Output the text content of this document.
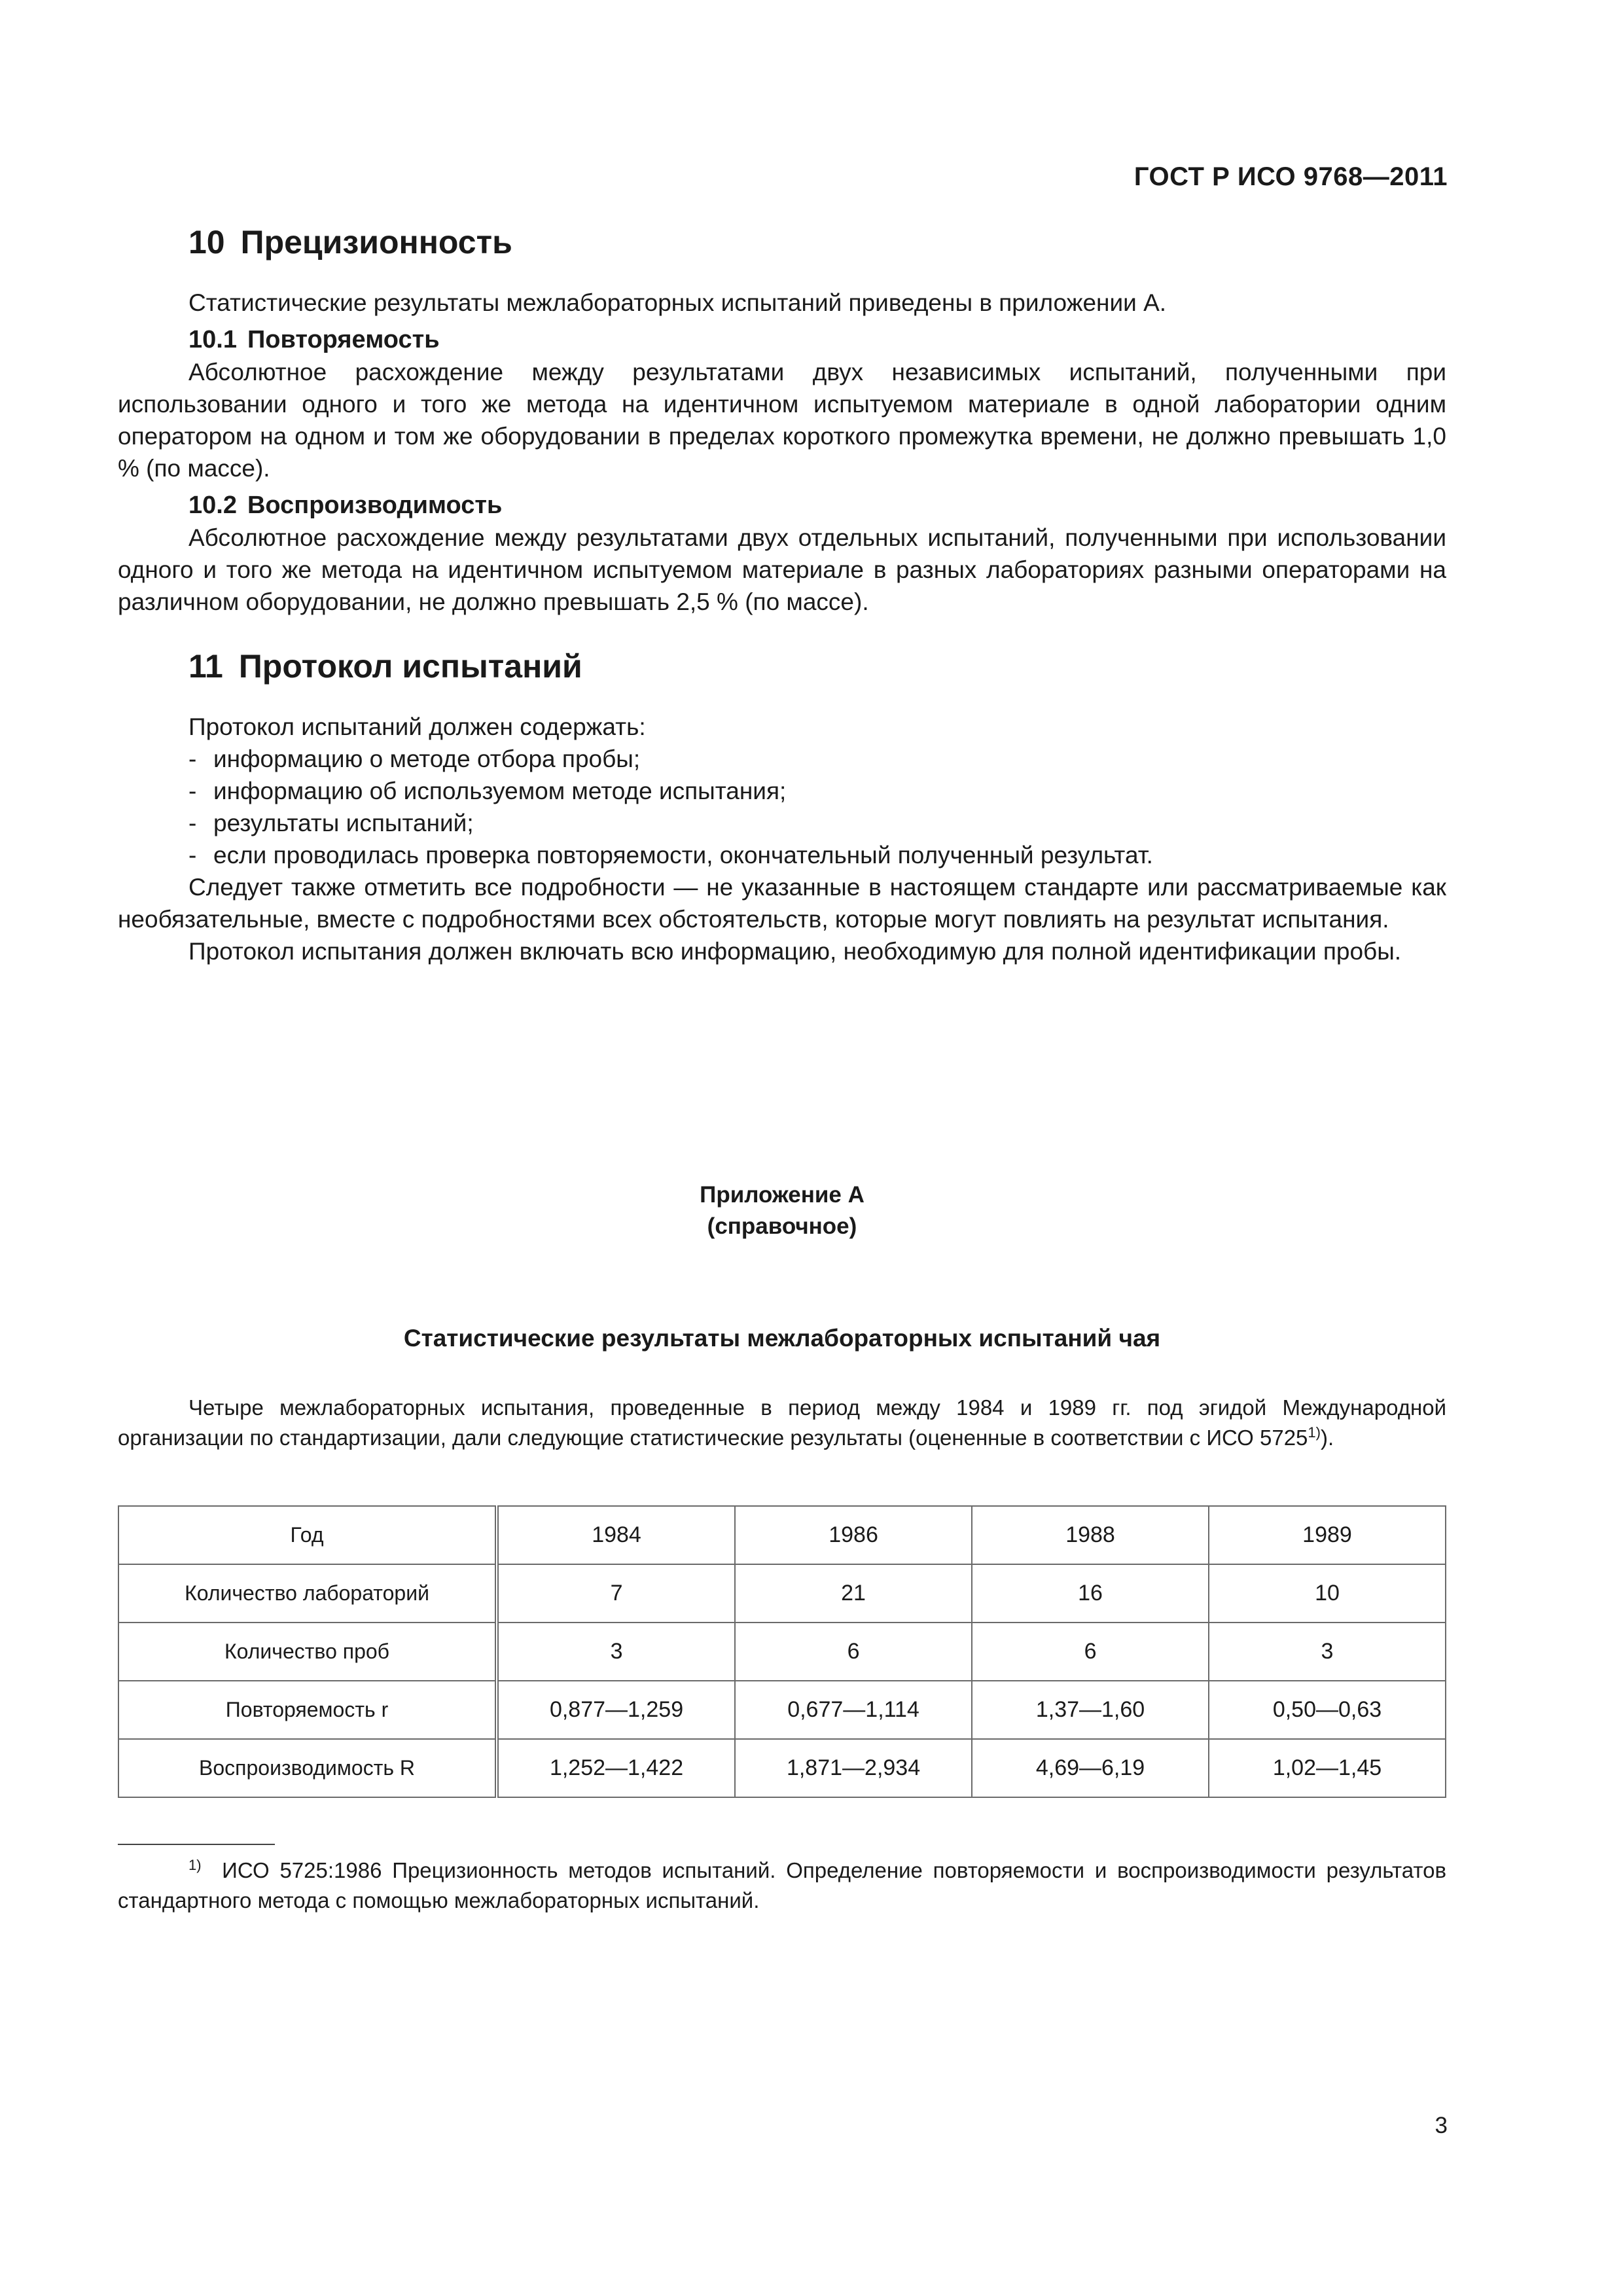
ГОСТ Р ИСО 9768—2011
10 Прецизионность

Статистические результаты межлабораторных испытаний приведены в приложении А.

10.1 Повторяемость

Абсолютное расхождение между результатами двух независимых испытаний, полученными при использовании одного и того же метода на идентичном испытуемом материале в одной лаборатории одним оператором на одном и том же оборудовании в пределах короткого промежутка времени, не должно превышать 1,0 % (по массе).

10.2 Воспроизводимость

Абсолютное расхождение между результатами двух отдельных испытаний, полученными при использовании одного и того же метода на идентичном испытуемом материале в разных лабораториях разными операторами на различном оборудовании, не должно превышать 2,5 % (по массе).

11 Протокол испытаний

Протокол испытаний должен содержать:

- информацию о методе отбора пробы;
- информацию об используемом методе испытания;
- результаты испытаний;
- если проводилась проверка повторяемости, окончательный полученный результат.

Следует также отметить все подробности — не указанные в настоящем стандарте или рассматриваемые как необязательные, вместе с подробностями всех обстоятельств, которые могут повлиять на результат испытания.

Протокол испытания должен включать всю информацию, необходимую для полной идентификации пробы.

Приложение А

(справочное)

Статистические результаты межлабораторных испытаний чая

Четыре межлабораторных испытания, проведенные в период между 1984 и 1989 гг. под эгидой Международной организации по стандартизации, дали следующие статистические результаты (оцененные в соответствии с ИСО 5725$^{1)}$).

Год	1984	1986	1988	1989
Количество лабораторий	7	21	16	10
Количество проб	3	6	6	3
Повторяемость r	0,877—1,259	0,677—1,114	1,37—1,60	0,50—0,63
Воспроизводимость R	1,252—1,422	1,871—2,934	4,69—6,19	1,02—1,45

$^{1)}$ ИСО 5725:1986 Прецизионность методов испытаний. Определение повторяемости и воспроизводимости результатов стандартного метода с помощью межлабораторных испытаний.

3
